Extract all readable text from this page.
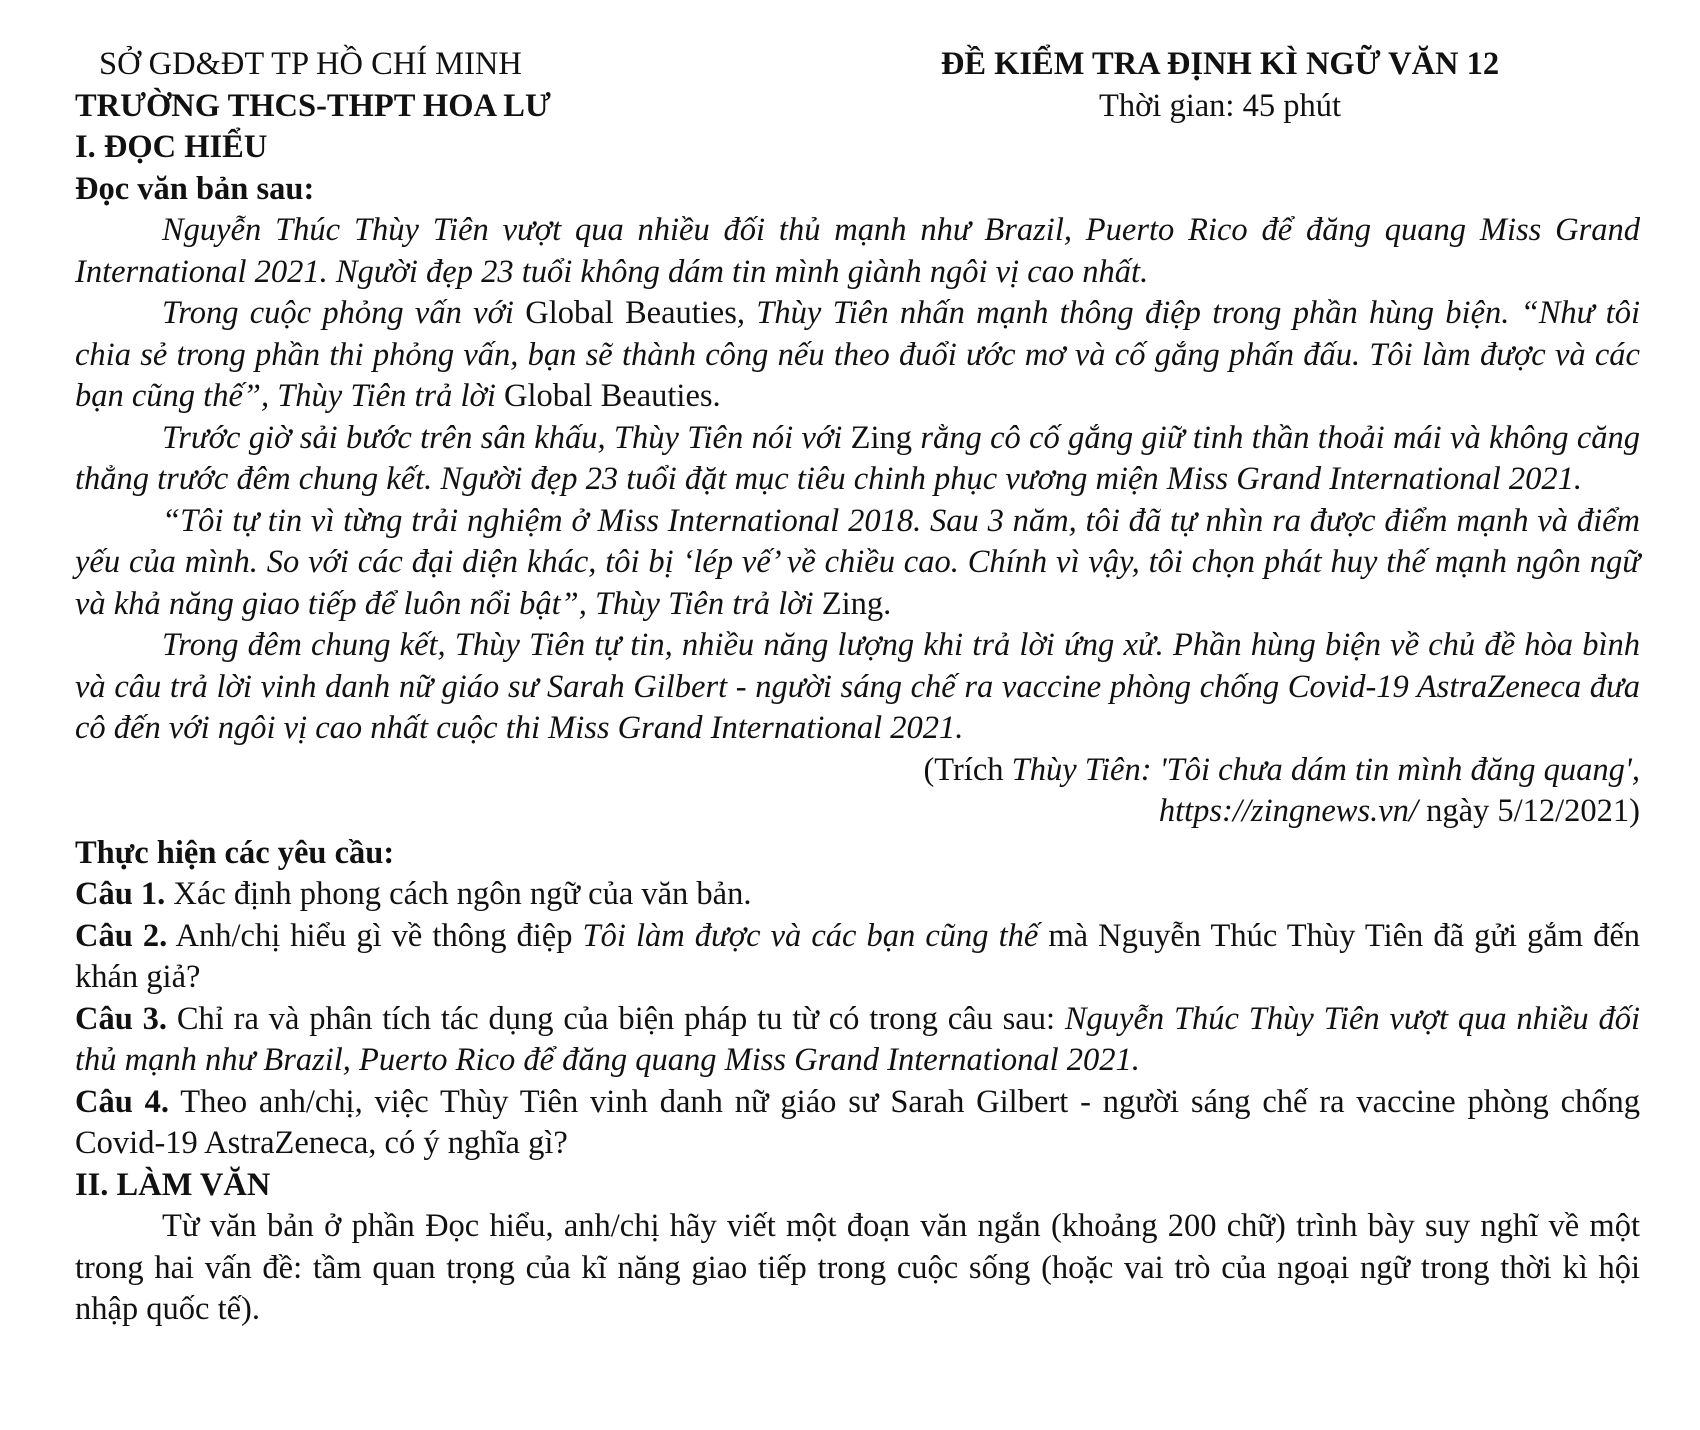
SỞ GD&ĐT TP HỒ CHÍ MINH
TRƯỜNG THCS-THPT HOA LƯ
ĐỀ KIỂM TRA ĐỊNH KÌ NGỮ VĂN 12
Thời gian: 45 phút
I. ĐỌC HIỂU
Đọc văn bản sau:

Nguyễn Thúc Thùy Tiên vượt qua nhiều đối thủ mạnh như Brazil, Puerto Rico để đăng quang Miss Grand International 2021. Người đẹp 23 tuổi không dám tin mình giành ngôi vị cao nhất.

Trong cuộc phỏng vấn với Global Beauties, Thùy Tiên nhấn mạnh thông điệp trong phần hùng biện. “Như tôi chia sẻ trong phần thi phỏng vấn, bạn sẽ thành công nếu theo đuổi ước mơ và cố gắng phấn đấu. Tôi làm được và các bạn cũng thế”, Thùy Tiên trả lời Global Beauties.

Trước giờ sải bước trên sân khấu, Thùy Tiên nói với Zing rằng cô cố gắng giữ tinh thần thoải mái và không căng thẳng trước đêm chung kết. Người đẹp 23 tuổi đặt mục tiêu chinh phục vương miện Miss Grand International 2021.

“Tôi tự tin vì từng trải nghiệm ở Miss International 2018. Sau 3 năm, tôi đã tự nhìn ra được điểm mạnh và điểm yếu của mình. So với các đại diện khác, tôi bị ‘lép vế’ về chiều cao. Chính vì vậy, tôi chọn phát huy thế mạnh ngôn ngữ và khả năng giao tiếp để luôn nổi bật”, Thùy Tiên trả lời Zing.

Trong đêm chung kết, Thùy Tiên tự tin, nhiều năng lượng khi trả lời ứng xử. Phần hùng biện về chủ đề hòa bình và câu trả lời vinh danh nữ giáo sư Sarah Gilbert - người sáng chế ra vaccine phòng chống Covid-19 AstraZeneca đưa cô đến với ngôi vị cao nhất cuộc thi Miss Grand International 2021.

(Trích Thùy Tiên: 'Tôi chưa dám tin mình đăng quang',

https://zingnews.vn/ ngày 5/12/2021)

Thực hiện các yêu cầu:

Câu 1. Xác định phong cách ngôn ngữ của văn bản.

Câu 2. Anh/chị hiểu gì về thông điệp Tôi làm được và các bạn cũng thế mà Nguyễn Thúc Thùy Tiên đã gửi gắm đến khán giả?

Câu 3. Chỉ ra và phân tích tác dụng của biện pháp tu từ có trong câu sau: Nguyễn Thúc Thùy Tiên vượt qua nhiều đối thủ mạnh như Brazil, Puerto Rico để đăng quang Miss Grand International 2021.

Câu 4. Theo anh/chị, việc Thùy Tiên vinh danh nữ giáo sư Sarah Gilbert - người sáng chế ra vaccine phòng chống Covid-19 AstraZeneca, có ý nghĩa gì?

II. LÀM VĂN

Từ văn bản ở phần Đọc hiểu, anh/chị hãy viết một đoạn văn ngắn (khoảng 200 chữ) trình bày suy nghĩ về một trong hai vấn đề: tầm quan trọng của kĩ năng giao tiếp trong cuộc sống (hoặc vai trò của ngoại ngữ trong thời kì hội nhập quốc tế).
